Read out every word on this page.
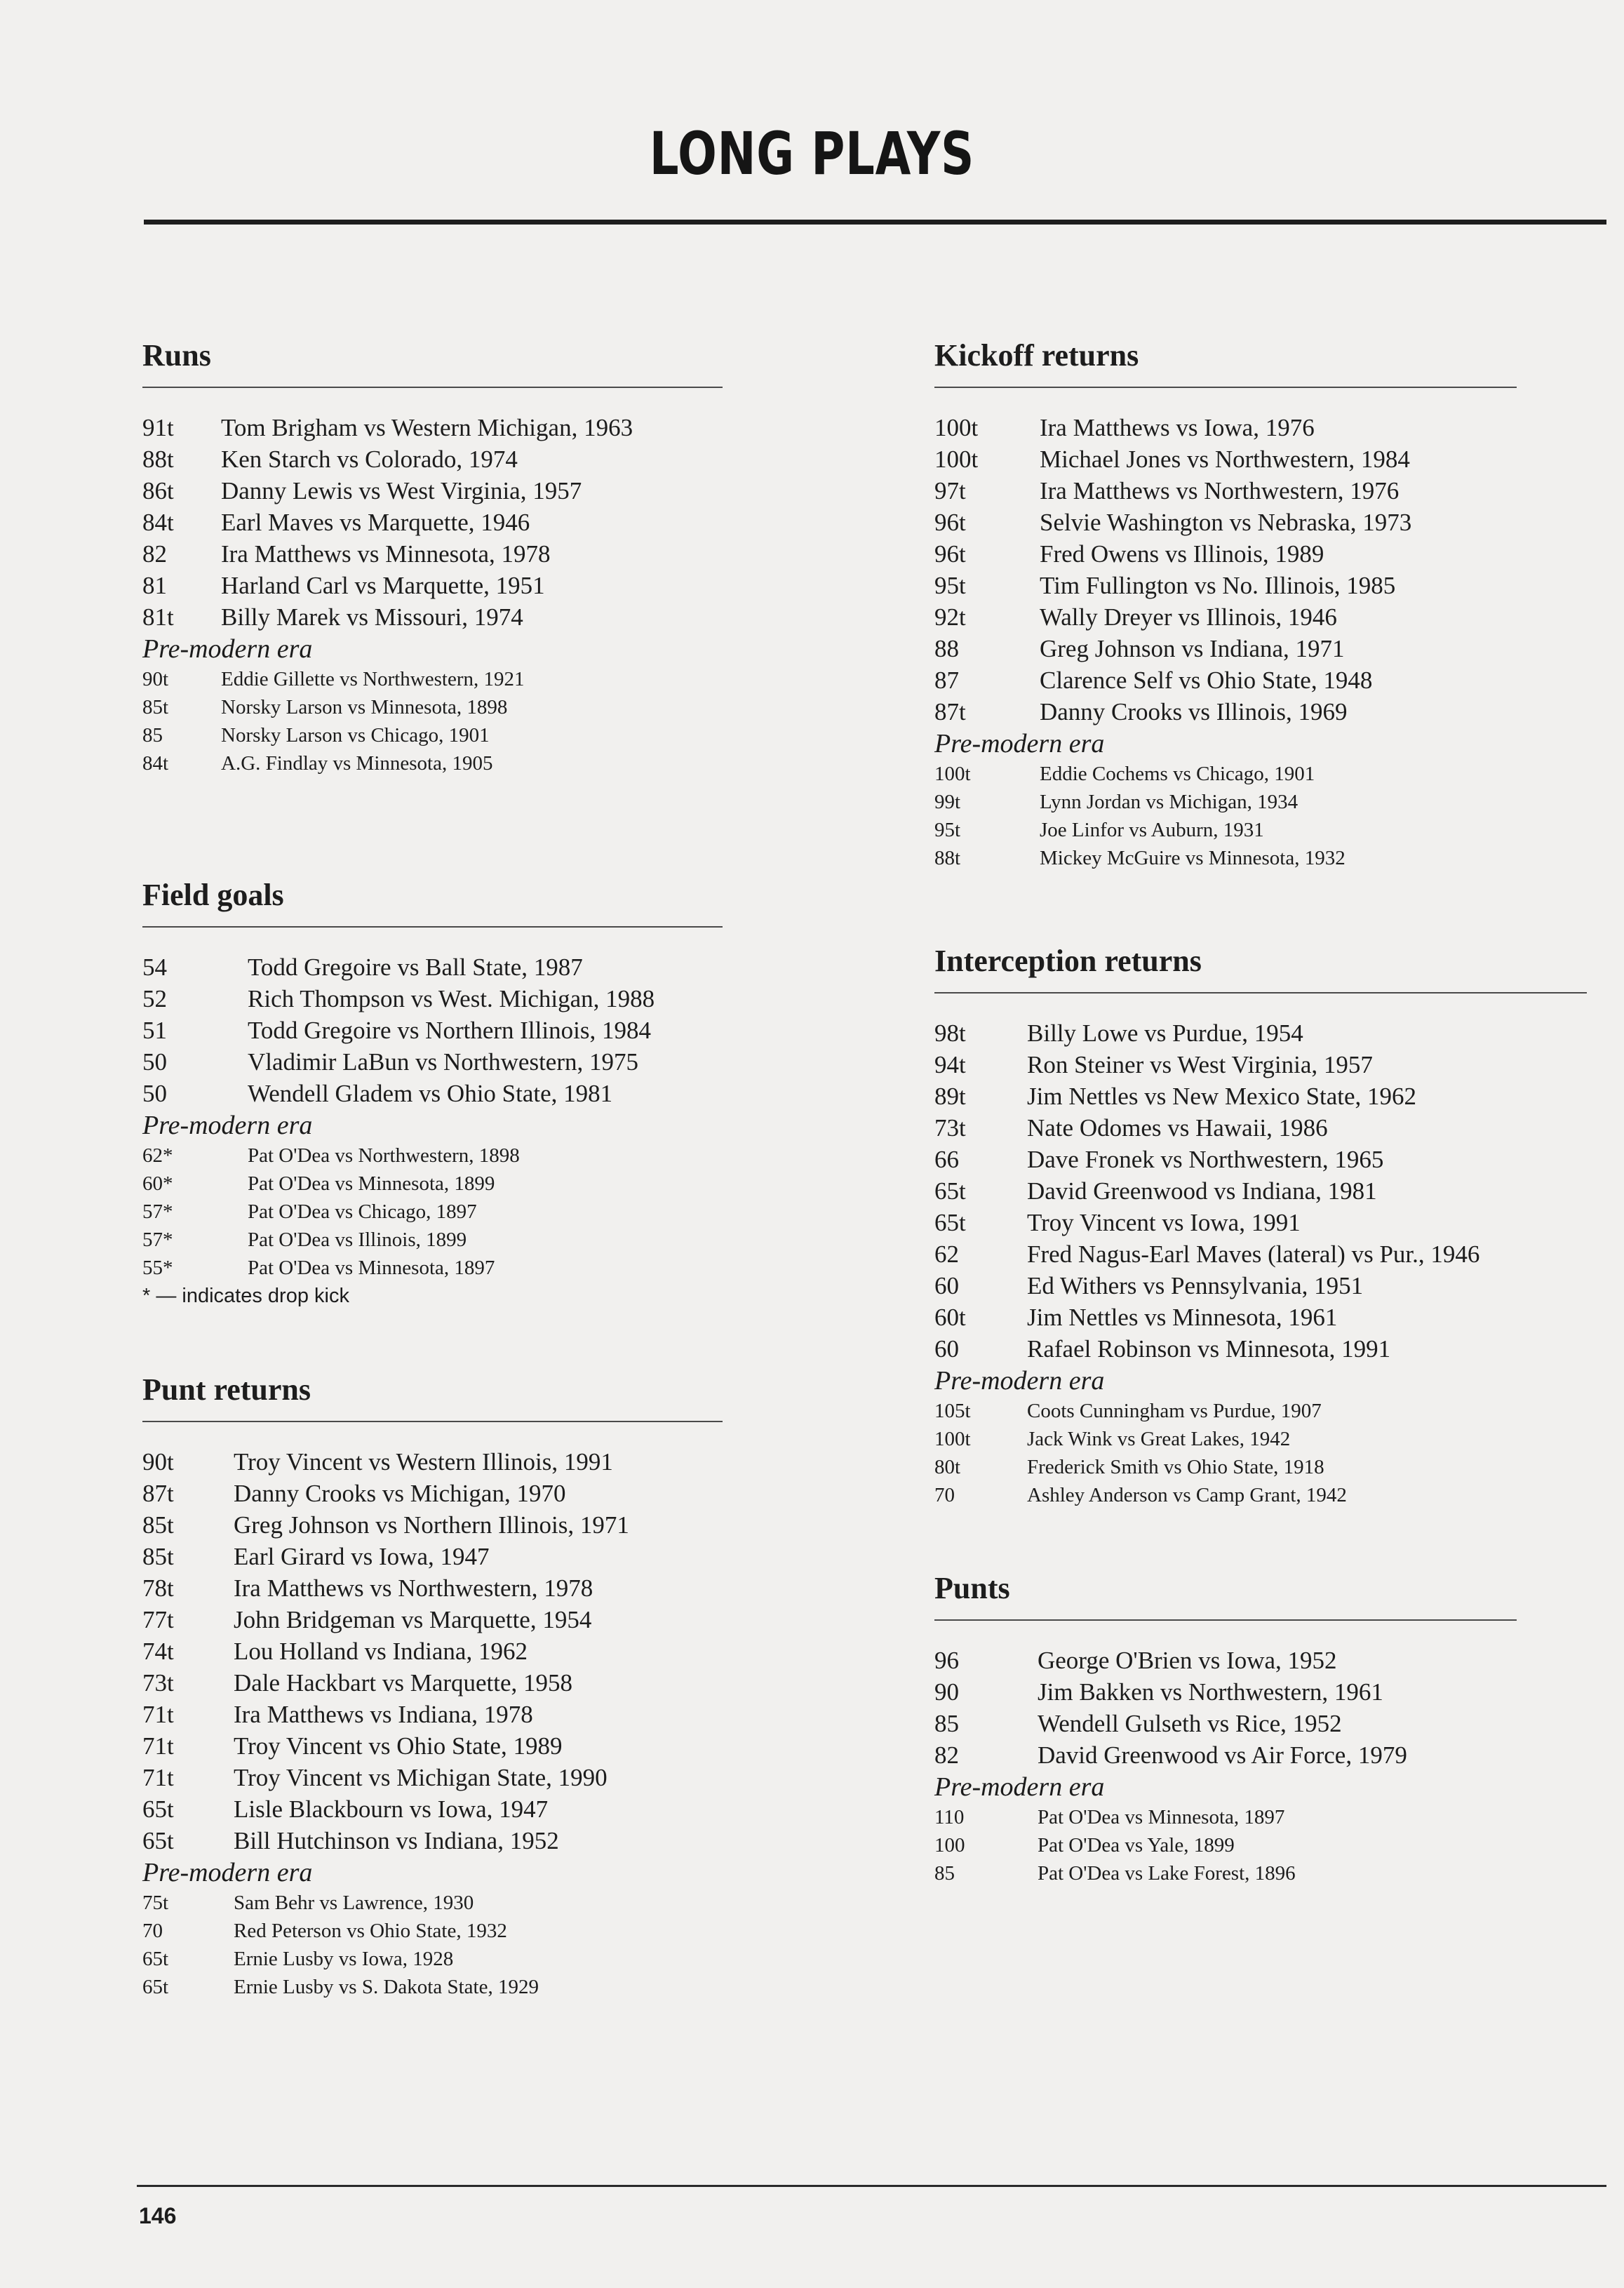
LONG PLAYS
Runs
91t	Tom Brigham vs Western Michigan, 1963
88t	Ken Starch vs Colorado, 1974
86t	Danny Lewis vs West Virginia, 1957
84t	Earl Maves vs Marquette, 1946
82	Ira Matthews vs Minnesota, 1978
81	Harland Carl vs Marquette, 1951
81t	Billy Marek vs Missouri, 1974
Pre-modern era
90t	Eddie Gillette vs Northwestern, 1921
85t	Norsky Larson vs Minnesota, 1898
85	Norsky Larson vs Chicago, 1901
84t	A.G. Findlay vs Minnesota, 1905
Field goals
54	Todd Gregoire vs Ball State, 1987
52	Rich Thompson vs West. Michigan, 1988
51	Todd Gregoire vs Northern Illinois, 1984
50	Vladimir LaBun vs Northwestern, 1975
50	Wendell Gladem vs Ohio State, 1981
Pre-modern era
62*	Pat O'Dea vs Northwestern, 1898
60*	Pat O'Dea vs Minnesota, 1899
57*	Pat O'Dea vs Chicago, 1897
57*	Pat O'Dea vs Illinois, 1899
55*	Pat O'Dea vs Minnesota, 1897
* — indicates drop kick
Punt returns
90t	Troy Vincent vs Western Illinois, 1991
87t	Danny Crooks vs Michigan, 1970
85t	Greg Johnson vs Northern Illinois, 1971
85t	Earl Girard vs Iowa, 1947
78t	Ira Matthews vs Northwestern, 1978
77t	John Bridgeman vs Marquette, 1954
74t	Lou Holland vs Indiana, 1962
73t	Dale Hackbart vs Marquette, 1958
71t	Ira Matthews vs Indiana, 1978
71t	Troy Vincent vs Ohio State, 1989
71t	Troy Vincent vs Michigan State, 1990
65t	Lisle Blackbourn vs Iowa, 1947
65t	Bill Hutchinson vs Indiana, 1952
Pre-modern era
75t	Sam Behr vs Lawrence, 1930
70	Red Peterson vs Ohio State, 1932
65t	Ernie Lusby vs Iowa, 1928
65t	Ernie Lusby vs S. Dakota State, 1929
Kickoff returns
100t	Ira Matthews vs Iowa, 1976
100t	Michael Jones vs Northwestern, 1984
97t	Ira Matthews vs Northwestern, 1976
96t	Selvie Washington vs Nebraska, 1973
96t	Fred Owens vs Illinois, 1989
95t	Tim Fullington vs No. Illinois, 1985
92t	Wally Dreyer vs Illinois, 1946
88	Greg Johnson vs Indiana, 1971
87	Clarence Self vs Ohio State, 1948
87t	Danny Crooks vs Illinois, 1969
Pre-modern era
100t	Eddie Cochems vs Chicago, 1901
99t	Lynn Jordan vs Michigan, 1934
95t	Joe Linfor vs Auburn, 1931
88t	Mickey McGuire vs Minnesota, 1932
Interception returns
98t	Billy Lowe vs Purdue, 1954
94t	Ron Steiner vs West Virginia, 1957
89t	Jim Nettles vs New Mexico State, 1962
73t	Nate Odomes vs Hawaii, 1986
66	Dave Fronek vs Northwestern, 1965
65t	David Greenwood vs Indiana, 1981
65t	Troy Vincent vs Iowa, 1991
62	Fred Nagus-Earl Maves (lateral) vs Pur., 1946
60	Ed Withers vs Pennsylvania, 1951
60t	Jim Nettles vs Minnesota, 1961
60	Rafael Robinson vs Minnesota, 1991
Pre-modern era
105t	Coots Cunningham vs Purdue, 1907
100t	Jack Wink vs Great Lakes, 1942
80t	Frederick Smith vs Ohio State, 1918
70	Ashley Anderson vs Camp Grant, 1942
Punts
96	George O'Brien vs Iowa, 1952
90	Jim Bakken vs Northwestern, 1961
85	Wendell Gulseth vs Rice, 1952
82	David Greenwood vs Air Force, 1979
Pre-modern era
110	Pat O'Dea vs Minnesota, 1897
100	Pat O'Dea vs Yale, 1899
85	Pat O'Dea vs Lake Forest, 1896
146
